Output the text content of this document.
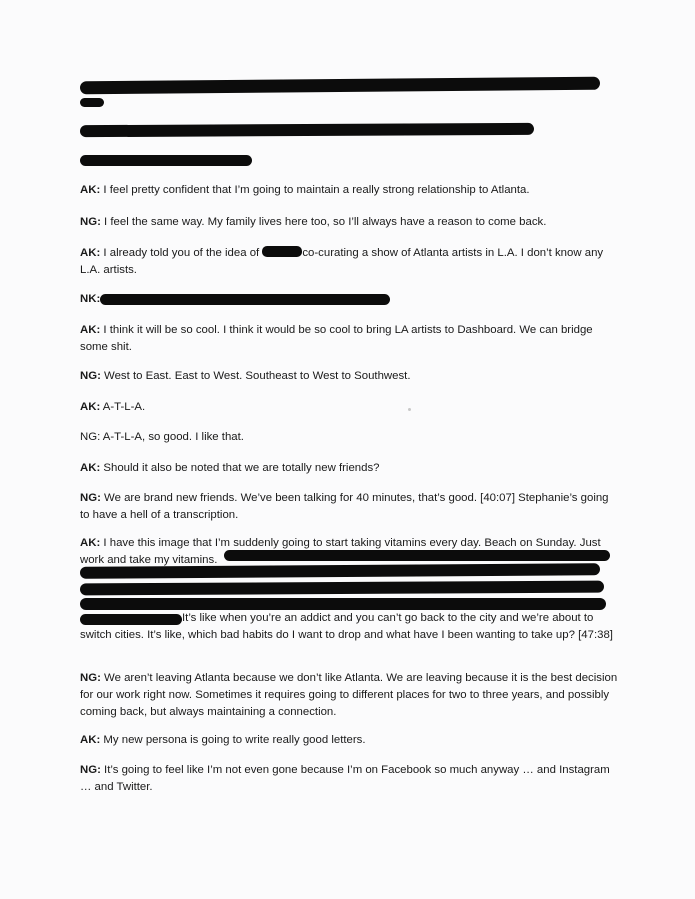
AK: I feel pretty confident that I’m going to maintain a really strong relationship to Atlanta.

NG: I feel the same way. My family lives here too, so I’ll always have a reason to come back.

AK: I already told you of the idea of	co-curating a show of Atlanta artists in L.A. I don’t know any L.A. artists.

NK:

AK: I think it will be so cool. I think it would be so cool to bring LA artists to Dashboard. We can bridge some shit.

NG: West to East. East to West. Southeast to West to Southwest.

AK: A-T-L-A.

NG: A-T-L-A, so good. I like that.

AK: Should it also be noted that we are totally new friends?

NG: We are brand new friends. We’ve been talking for 40 minutes, that’s good. [40:07] Stephanie’s going to have a hell of a transcription.

AK: I have this image that I’m suddenly going to start taking vitamins every day. Beach on Sunday. Just work and take my vitamins.

It’s like when you’re an addict and you can’t go back to the city and we’re about to switch cities. It’s like, which bad habits do I want to drop and what have I been wanting to take up? [47:38]

NG: We aren’t leaving Atlanta because we don’t like Atlanta. We are leaving because it is the best decision for our work right now. Sometimes it requires going to different places for two to three years, and possibly coming back, but always maintaining a connection.

AK: My new persona is going to write really good letters.

NG: It’s going to feel like I’m not even gone because I’m on Facebook so much anyway … and Instagram … and Twitter.
